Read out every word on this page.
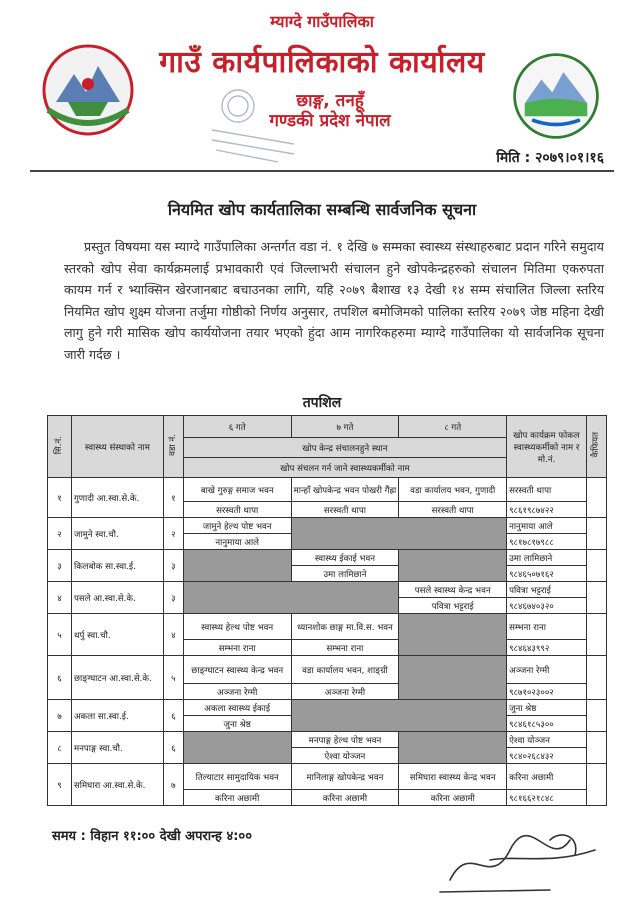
म्याग्दे गाउँपालिका
गाउँ कार्यपालिकाको कार्यालय
छाङ्ग, तनहूँ
गण्डकी प्रदेश नेपाल
मिति : २०७९।०१।१६
नियमित खोप कार्यतालिका सम्बन्धि सार्वजनिक सूचना
प्रस्तुत विषयमा यस म्याग्दे गाउँपालिका अन्तर्गत वडा नं. १ देखि ७ सम्मका स्वास्थ्य संस्थाहरुबाट प्रदान गरिने समुदाय स्तरको खोप सेवा कार्यक्रमलाई प्रभावकारी एवं जिल्लाभरी संचालन हुने खोपकेन्द्रहरुको संचालन मितिमा एकरुपता कायम गर्न र भ्याक्सिन खेरजानबाट बचाउनका लागि, यहि २०७९ बैशाख १३ देखी १४ सम्म संचालित जिल्ला स्तरिय नियमित खोप शुक्ष्म योजना तर्जुमा गोष्ठीको निर्णय अनुसार, तपशिल बमोजिमको पालिका स्तरिय २०७९ जेष्ठ महिना देखी लागु हुने गरी मासिक खोप कार्ययोजना तयार भएको हुंदा आम नागरिकहरुमा म्याग्दे गाउँपालिका यो सार्वजनिक सूचना जारी गर्दछ ।
तपशिल
सि.नं.	स्वास्थ्य संस्थाको नाम	वडा नं.	६ गते	७ गते	८ गते	खोप कार्यक्रम फोकल स्वास्थ्यकर्मीको नाम र मो.नं.	कैफियत
			खोप केन्द्र संचालनहुने स्थान				
			खोप संचलन गर्न जाने स्वास्थ्यकर्मीको नाम				
१	गुणादी आ.स्वा.से.के.	१	बाखे गुरुङ्ग समाज भवन	मान्हाँ खोपकेन्द्र भवन पोखरी गैंह्रा	वडा कार्यालय भवन, गुणादी	सरस्वती थापा	
			सरस्वती थापा	सरस्वती थापा	सरस्वती थापा	९८६१९८७४२२	
२	जामुने स्वा.चौ.	२	जामुने हेल्थ पोष्ट भवन			नानुमाया आले	
			नानुमाया आले			९८१७८१७९८८	
३	किलबोक सा.स्वा.ई.	३		स्वास्थ्य ईकाई भवन		उमा लामिछाने	
				उमा लामिछाने		९८४६५०७१६२	
४	पसले आ.स्वा.से.के.	३			पसले स्वास्थ्य केन्द्र भवन	पवित्रा भट्टराई	
					पवित्रा भट्टराई	९८४६७४०३२०	
५	थर्पु स्वा.चौ.	४	स्वास्थ्य हेल्थ पोष्ट भवन	ध्यानशोक छाङ्ग मा.वि.स. भवन		सम्भना राना	
			सम्भना राना	सम्भना राना		९८४६४३९९२	
६	छाङ्ग्घाटन आ.स्वा.से.के.	५	छाङ्ग्घाटन स्वास्थ्य केन्द्र भवन	वडा कार्यालय भवन, शाङ्ग्री		अञ्जना रेग्मी	
			अञ्जना रेग्मी	अञ्जना रेग्मी		९८७१०२३००२	
७	अकला सा.स्वा.ई.	६	अकला स्वास्थ्य ईकाई			जुना श्रेष्ठ	
			जुना श्रेष्ठ			९८४६१८५३००	
८	मनपाङ्ग स्वा.चौ.	६		मनपाङ्ग हेल्थ पोष्ट भवन		ऐश्वा योञ्जन	
				ऐश्वा योञ्जन		९८४०२६८४३२	
९	समिघारा आ.स्वा.से.के.	७	तिल्याटार सामुदायिक भवन	मानिलाङ्ग खोपकेन्द्र भवन	समिघारा स्वास्थ्य केन्द्र भवन	करिना अछामी	
			करिना अछामी	करिना अछामी	करिना अछामी	९८१६६२१८४८	
समय : विहान ११:०० देखी अपरान्ह ४:००
